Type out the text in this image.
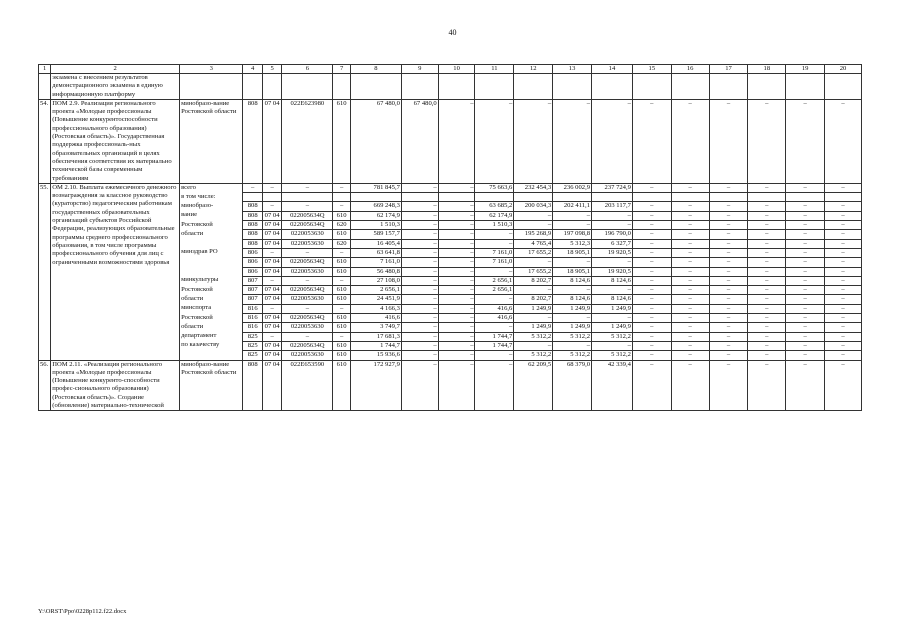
40
1	2	3	4	5	6	7	8	9	10	11	12	13	14	15	16	17	18	19	20
	экзамена с внесением результатов демонстрационного экзамена в единую информационную платформу																		
54.	ПОМ 2.9. Реализация регионального проекта «Молодые профессионалы (Повышение конкурентоспособности профессионального образования) (Ростовская область)». Государственная поддержка профессиональ-ных образовательных организаций в целях обеспечения соответствия их материально технической базы современным требованиям	минобразо-вание Ростовской области	808	07 04	022E623980	610	67 480,0	67 480,0	–	–	–	–	–	–	–	–	–	–	–
55.	ОМ 2.10. Выплата ежемесячного денежного вознаграждения за классное руководство (кураторство) педагогическим работникам государственных образовательных организаций субъектов Российской Федерации, реализующих образовательные программы среднего профессионального образования, в том числе программы профессионального обучения для лиц с ограниченными возможностями здоровья	всего	–	–	–	–	781 845,7	–	–	75 663,6	232 454,3	236 002,9	237 724,9	–	–	–	–	–	–
		в том числе:																	
		минобразо-	808	–	–	–	669 248,3	–	–	63 685,2	200 034,3	202 411,1	203 117,7	–	–	–	–	–	–
		вание	808	07 04	022005634Q	610	62 174,9	–	–	62 174,9	–	–	–	–	–	–	–	–	–
		Ростовской	808	07 04	022005634Q	620	1 510,3	–	–	1 510,3	–	–	–	–	–	–	–	–	–
		области	808	07 04	0220053630	610	589 157,7	–	–	–	195 268,9	197 098,8	196 790,0	–	–	–	–	–	–
			808	07 04	0220053630	620	16 405,4	–	–	–	4 765,4	5 312,3	6 327,7	–	–	–	–	–	–
		минздрав РО	806	–	–	–	63 641,8	–	–	7 161,0	17 655,2	18 905,1	19 920,5	–	–	–	–	–	–
			806	07 04	022005634Q	610	7 161,0	–	–	7 161,0	–	–	–	–	–	–	–	–	–
			806	07 04	0220053630	610	56 480,8	–	–	–	17 655,2	18 905,1	19 920,5	–	–	–	–	–	–
		минкультуры	807	–	–	–	27 108,0	–	–	2 656,1	8 202,7	8 124,6	8 124,6	–	–	–	–	–	–
		Ростовской	807	07 04	022005634Q	610	2 656,1	–	–	2 656,1	–	–	–	–	–	–	–	–	–
		области	807	07 04	0220053630	610	24 451,9	–	–	–	8 202,7	8 124,6	8 124,6	–	–	–	–	–	–
		минспорта	816	–	–	–	4 166,3	–	–	416,6	1 249,9	1 249,9	1 249,9	–	–	–	–	–	–
		Ростовской	816	07 04	022005634Q	610	416,6	–	–	416,6	–	–	–	–	–	–	–	–	–
		области	816	07 04	0220053630	610	3 749,7	–	–	–	1 249,9	1 249,9	1 249,9	–	–	–	–	–	–
		департамент	825	–	–	–	17 681,3	–	–	1 744,7	5 312,2	5 312,2	5 312,2	–	–	–	–	–	–
		по казачеству	825	07 04	022005634Q	610	1 744,7	–	–	1 744,7	–	–	–	–	–	–	–	–	–
			825	07 04	0220053630	610	15 936,6	–	–	–	5 312,2	5 312,2	5 312,2	–	–	–	–	–	–
56.	ПОМ 2.11. «Реализация регионального проекта «Молодые профессионалы (Повышение конкуренто-способности профес-сионального образования) (Ростовская область)». Создание (обновление) материально-технической	минобразо-вание Ростовской области	808	07 04	022E653590	610	172 927,9	–	–	–	62 209,5	68 379,0	42 339,4	–	–	–	–	–	–
Y:\ORST\Ppo\0228p112.f22.docx
